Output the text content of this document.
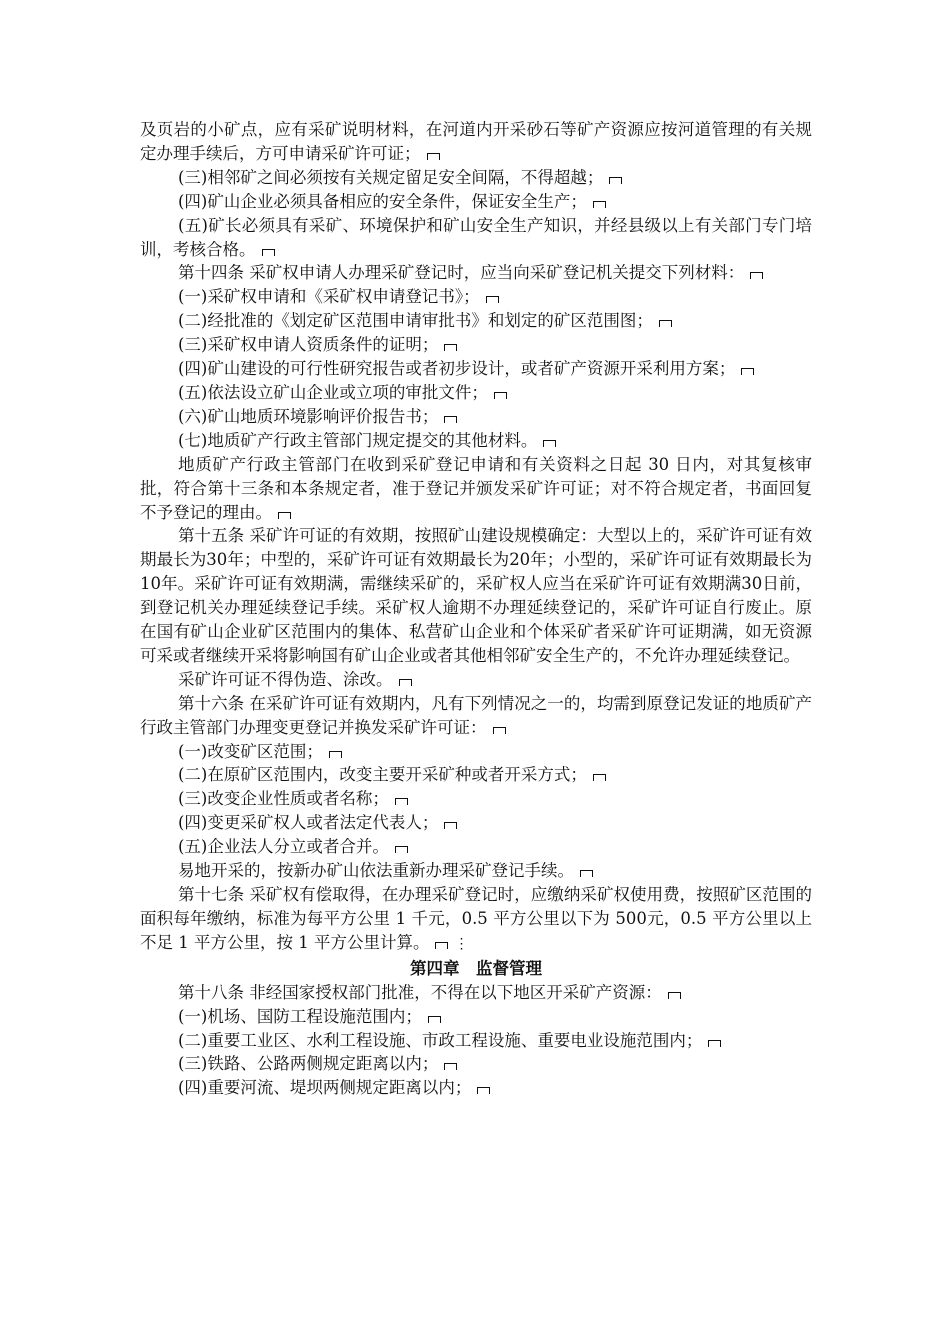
及页岩的小矿点，应有采矿说明材料，在河道内开采砂石等矿产资源应按河道管理的有关规定办理手续后，方可申请采矿许可证；
(三)相邻矿之间必须按有关规定留足安全间隔，不得超越；
(四)矿山企业必须具备相应的安全条件，保证安全生产；
(五)矿长必须具有采矿、环境保护和矿山安全生产知识，并经县级以上有关部门专门培训，考核合格。
第十四条 采矿权申请人办理采矿登记时，应当向采矿登记机关提交下列材料：
(一)采矿权申请和《采矿权申请登记书》；
(二)经批准的《划定矿区范围申请审批书》和划定的矿区范围图；
(三)采矿权申请人资质条件的证明；
(四)矿山建设的可行性研究报告或者初步设计，或者矿产资源开采利用方案；
(五)依法设立矿山企业或立项的审批文件；
(六)矿山地质环境影响评价报告书；
(七)地质矿产行政主管部门规定提交的其他材料。
地质矿产行政主管部门在收到采矿登记申请和有关资料之日起 30 日内，对其复核审批，符合第十三条和本条规定者，准于登记并颁发采矿许可证；对不符合规定者，书面回复不予登记的理由。
第十五条 采矿许可证的有效期，按照矿山建设规模确定：大型以上的，采矿许可证有效期最长为30年；中型的，采矿许可证有效期最长为20年；小型的，采矿许可证有效期最长为10年。采矿许可证有效期满，需继续采矿的，采矿权人应当在采矿许可证有效期满30日前，到登记机关办理延续登记手续。采矿权人逾期不办理延续登记的，采矿许可证自行废止。原在国有矿山企业矿区范围内的集体、私营矿山企业和个体采矿者采矿许可证期满，如无资源可采或者继续开采将影响国有矿山企业或者其他相邻矿安全生产的，不允许办理延续登记。
采矿许可证不得伪造、涂改。
第十六条 在采矿许可证有效期内，凡有下列情况之一的，均需到原登记发证的地质矿产行政主管部门办理变更登记并换发采矿许可证：
(一)改变矿区范围；
(二)在原矿区范围内，改变主要开采矿种或者开采方式；
(三)改变企业性质或者名称；
(四)变更采矿权人或者法定代表人；
(五)企业法人分立或者合并。
易地开采的，按新办矿山依法重新办理采矿登记手续。
第十七条 采矿权有偿取得，在办理采矿登记时，应缴纳采矿权使用费，按照矿区范围的面积每年缴纳，标准为每平方公里 1 千元，0.5 平方公里以下为 500元，0.5 平方公里以上不足 1 平方公里，按 1 平方公里计算。 ⋮
第四章　监督管理
第十八条 非经国家授权部门批准，不得在以下地区开采矿产资源：
(一)机场、国防工程设施范围内；
(二)重要工业区、水利工程设施、市政工程设施、重要电业设施范围内；
(三)铁路、公路两侧规定距离以内；
(四)重要河流、堤坝两侧规定距离以内；
